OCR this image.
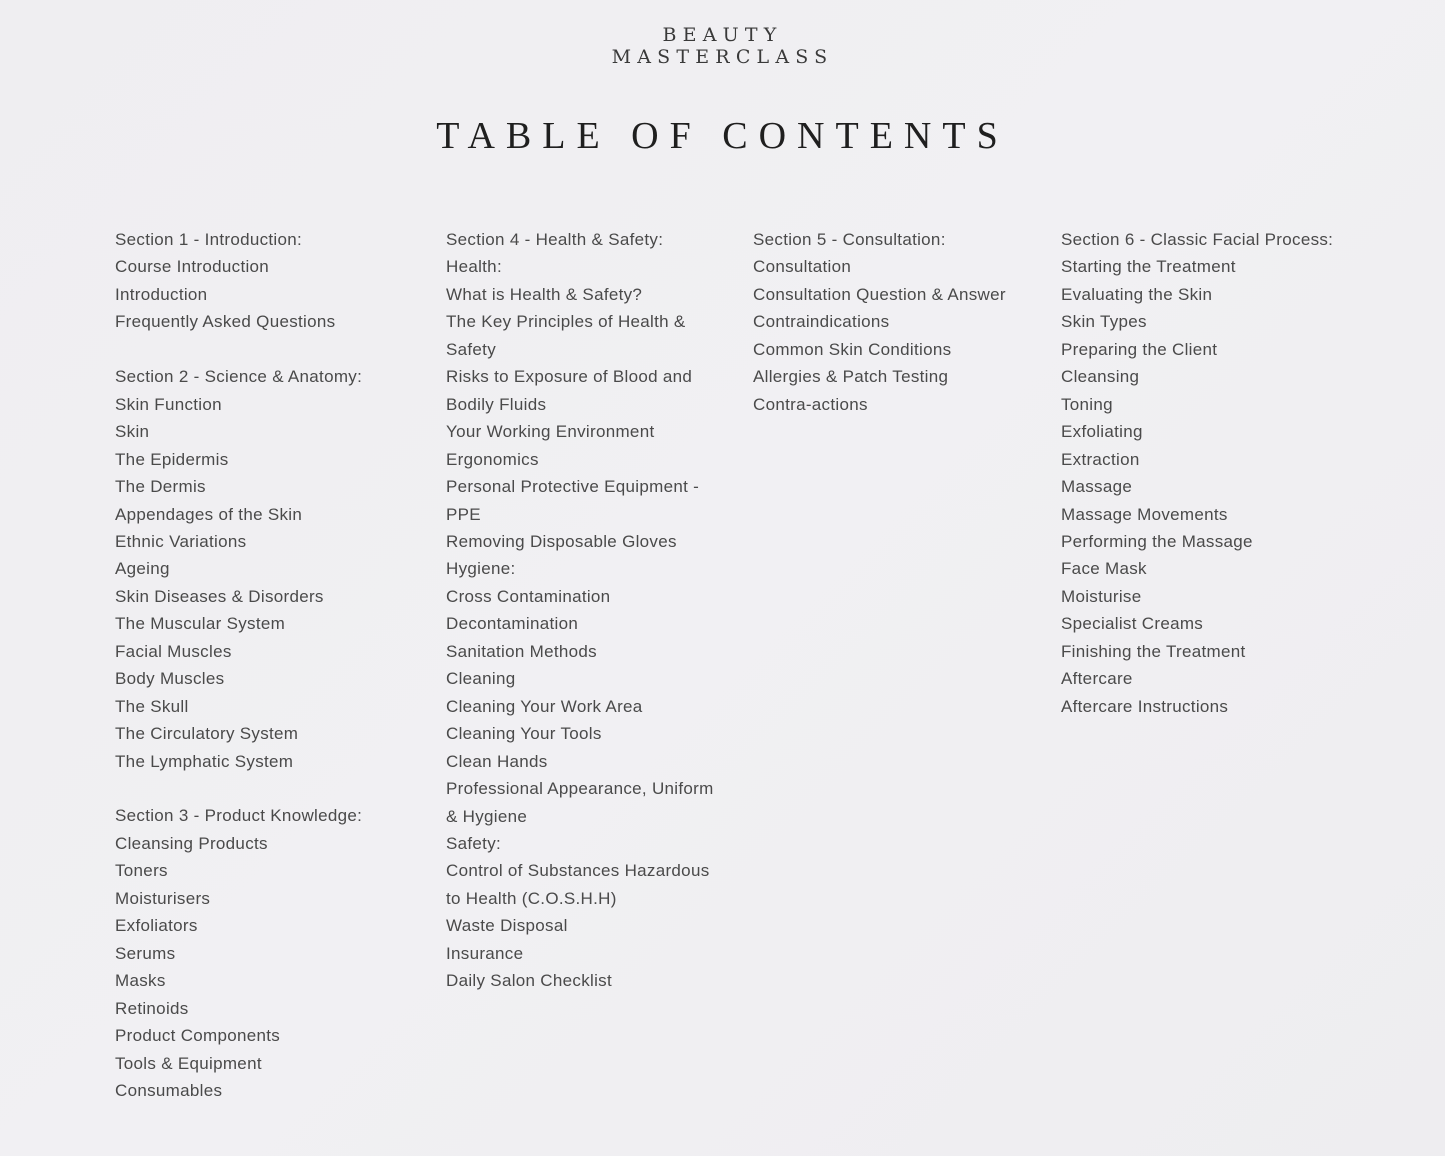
BEAUTY
MASTERCLASS
TABLE OF CONTENTS
Section 1 - Introduction:
Course Introduction
Introduction
Frequently Asked Questions
Section 2 - Science & Anatomy:
Skin Function
Skin
The Epidermis
The Dermis
Appendages of the Skin
Ethnic Variations
Ageing
Skin Diseases & Disorders
The Muscular System
Facial Muscles
Body Muscles
The Skull
The Circulatory System
The Lymphatic System
Section 3 - Product Knowledge:
Cleansing Products
Toners
Moisturisers
Exfoliators
Serums
Masks
Retinoids
Product Components
Tools & Equipment
Consumables
Section 4 - Health & Safety:
Health:
What is Health & Safety?
The Key Principles of Health &
Safety
Risks to Exposure of Blood and
Bodily Fluids
Your Working Environment
Ergonomics
Personal Protective Equipment -
PPE
Removing Disposable Gloves
Hygiene:
Cross Contamination
Decontamination
Sanitation Methods
Cleaning
Cleaning Your Work Area
Cleaning Your Tools
Clean Hands
Professional Appearance, Uniform
& Hygiene
Safety:
Control of Substances Hazardous
to Health (C.O.S.H.H)
Waste Disposal
Insurance
Daily Salon Checklist
Section 5 - Consultation:
Consultation
Consultation Question & Answer
Contraindications
Common Skin Conditions
Allergies & Patch Testing
Contra-actions
Section 6 - Classic Facial Process:
Starting the Treatment
Evaluating the Skin
Skin Types
Preparing the Client
Cleansing
Toning
Exfoliating
Extraction
Massage
Massage Movements
Performing the Massage
Face Mask
Moisturise
Specialist Creams
Finishing the Treatment
Aftercare
Aftercare Instructions
